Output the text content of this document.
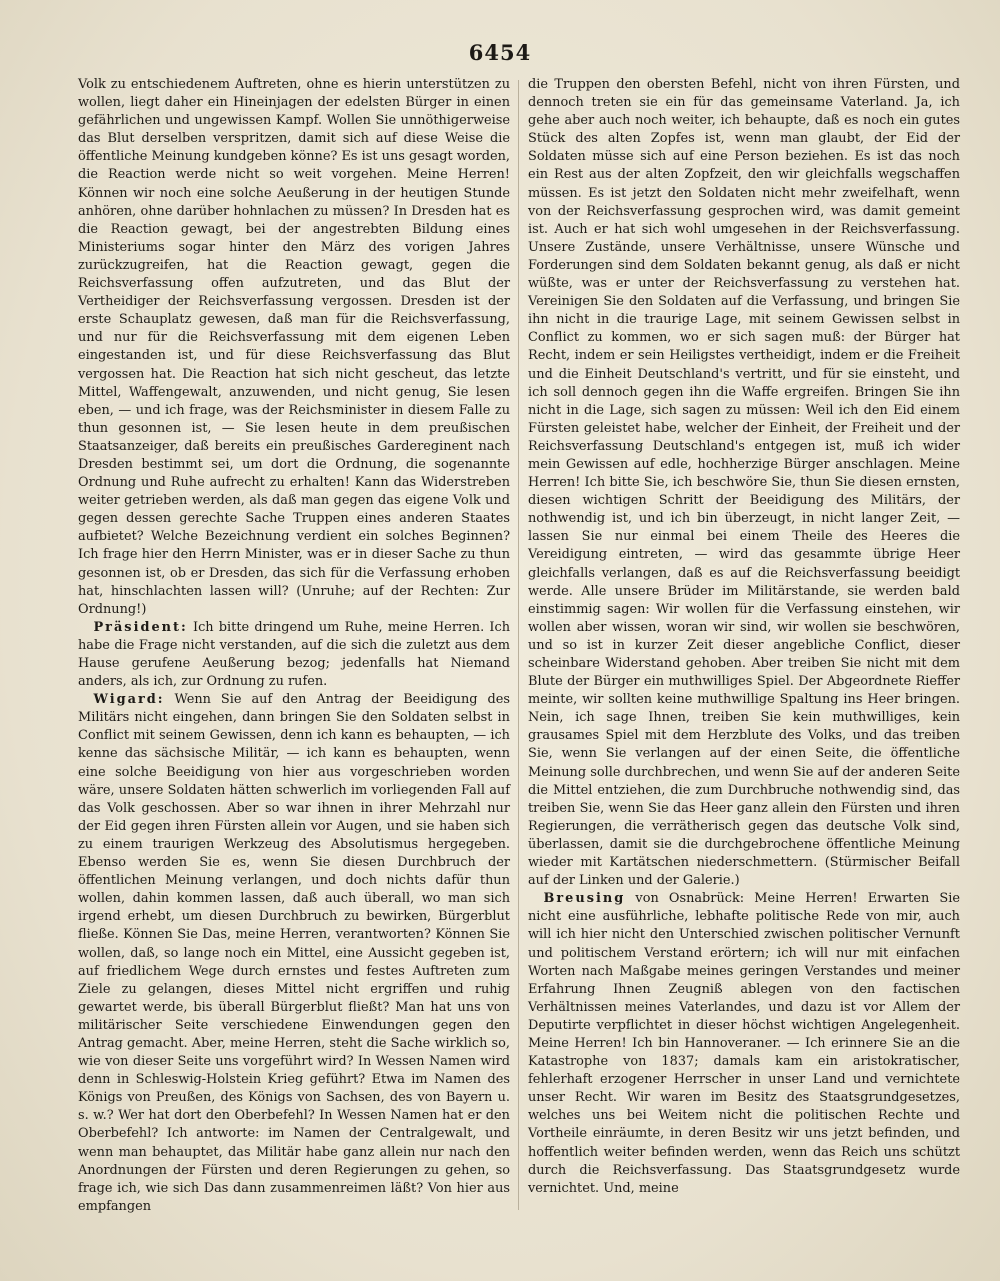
6454

Volk zu entschiedenem Auftreten, ohne es hierin unterstützen zu wollen, liegt daher ein Hineinjagen der edelsten Bürger in einen gefährlichen und ungewissen Kampf. Wollen Sie unnöthigerweise das Blut derselben verspritzen, damit sich auf diese Weise die öffentliche Meinung kundgeben könne? Es ist uns gesagt worden, die Reaction werde nicht so weit vorgehen. Meine Herren! Können wir noch eine solche Aeußerung in der heutigen Stunde anhören, ohne darüber hohnlachen zu müssen? In Dresden hat es die Reaction gewagt, bei der angestrebten Bildung eines Ministeriums sogar hinter den März des vorigen Jahres zurückzugreifen, hat die Reaction gewagt, gegen die Reichsverfassung offen aufzutreten, und das Blut der Vertheidiger der Reichsverfassung vergossen. Dresden ist der erste Schauplatz gewesen, daß man für die Reichsverfassung, und nur für die Reichsverfassung mit dem eigenen Leben eingestanden ist, und für diese Reichsverfassung das Blut vergossen hat. Die Reaction hat sich nicht gescheut, das letzte Mittel, Waffengewalt, anzuwenden, und nicht genug, Sie lesen eben, — und ich frage, was der Reichsminister in diesem Falle zu thun gesonnen ist, — Sie lesen heute in dem preußischen Staatsanzeiger, daß bereits ein preußisches Gardereginent nach Dresden bestimmt sei, um dort die Ordnung, die sogenannte Ordnung und Ruhe aufrecht zu erhalten! Kann das Widerstreben weiter getrieben werden, als daß man gegen das eigene Volk und gegen dessen gerechte Sache Truppen eines anderen Staates aufbietet? Welche Bezeichnung verdient ein solches Beginnen? Ich frage hier den Herrn Minister, was er in dieser Sache zu thun gesonnen ist, ob er Dresden, das sich für die Verfassung erhoben hat, hinschlachten lassen will? (Unruhe; auf der Rechten: Zur Ordnung!)

Präsident: Ich bitte dringend um Ruhe, meine Herren. Ich habe die Frage nicht verstanden, auf die sich die zuletzt aus dem Hause gerufene Aeußerung bezog; jedenfalls hat Niemand anders, als ich, zur Ordnung zu rufen.

Wigard: Wenn Sie auf den Antrag der Beeidigung des Militärs nicht eingehen, dann bringen Sie den Soldaten selbst in Conflict mit seinem Gewissen, denn ich kann es behaupten, — ich kenne das sächsische Militär, — ich kann es behaupten, wenn eine solche Beeidigung von hier aus vorgeschrieben worden wäre, unsere Soldaten hätten schwerlich im vorliegenden Fall auf das Volk geschossen. Aber so war ihnen in ihrer Mehrzahl nur der Eid gegen ihren Fürsten allein vor Augen, und sie haben sich zu einem traurigen Werkzeug des Absolutismus hergegeben. Ebenso werden Sie es, wenn Sie diesen Durchbruch der öffentlichen Meinung verlangen, und doch nichts dafür thun wollen, dahin kommen lassen, daß auch überall, wo man sich irgend erhebt, um diesen Durchbruch zu bewirken, Bürgerblut fließe. Können Sie Das, meine Herren, verantworten? Können Sie wollen, daß, so lange noch ein Mittel, eine Aussicht gegeben ist, auf friedlichem Wege durch ernstes und festes Auftreten zum Ziele zu gelangen, dieses Mittel nicht ergriffen und ruhig gewartet werde, bis überall Bürgerblut fließt? Man hat uns von militärischer Seite verschiedene Einwendungen gegen den Antrag gemacht. Aber, meine Herren, steht die Sache wirklich so, wie von dieser Seite uns vorgeführt wird? In Wessen Namen wird denn in Schleswig-Holstein Krieg geführt? Etwa im Namen des Königs von Preußen, des Königs von Sachsen, des von Bayern u. s. w.? Wer hat dort den Oberbefehl? In Wessen Namen hat er den Oberbefehl? Ich antworte: im Namen der Centralgewalt, und wenn man behauptet, das Militär habe ganz allein nur nach den Anordnungen der Fürsten und deren Regierungen zu gehen, so frage ich, wie sich Das dann zusammenreimen läßt? Von hier aus empfangen

die Truppen den obersten Befehl, nicht von ihren Fürsten, und dennoch treten sie ein für das gemeinsame Vaterland. Ja, ich gehe aber auch noch weiter, ich behaupte, daß es noch ein gutes Stück des alten Zopfes ist, wenn man glaubt, der Eid der Soldaten müsse sich auf eine Person beziehen. Es ist das noch ein Rest aus der alten Zopfzeit, den wir gleichfalls wegschaffen müssen. Es ist jetzt den Soldaten nicht mehr zweifelhaft, wenn von der Reichsverfassung gesprochen wird, was damit gemeint ist. Auch er hat sich wohl umgesehen in der Reichsverfassung. Unsere Zustände, unsere Verhältnisse, unsere Wünsche und Forderungen sind dem Soldaten bekannt genug, als daß er nicht wüßte, was er unter der Reichsverfassung zu verstehen hat. Vereinigen Sie den Soldaten auf die Verfassung, und bringen Sie ihn nicht in die traurige Lage, mit seinem Gewissen selbst in Conflict zu kommen, wo er sich sagen muß: der Bürger hat Recht, indem er sein Heiligstes vertheidigt, indem er die Freiheit und die Einheit Deutschland's vertritt, und für sie einsteht, und ich soll dennoch gegen ihn die Waffe ergreifen. Bringen Sie ihn nicht in die Lage, sich sagen zu müssen: Weil ich den Eid einem Fürsten geleistet habe, welcher der Einheit, der Freiheit und der Reichsverfassung Deutschland's entgegen ist, muß ich wider mein Gewissen auf edle, hochherzige Bürger anschlagen. Meine Herren! Ich bitte Sie, ich beschwöre Sie, thun Sie diesen ernsten, diesen wichtigen Schritt der Beeidigung des Militärs, der nothwendig ist, und ich bin überzeugt, in nicht langer Zeit, — lassen Sie nur einmal bei einem Theile des Heeres die Vereidigung eintreten, — wird das gesammte übrige Heer gleichfalls verlangen, daß es auf die Reichsverfassung beeidigt werde. Alle unsere Brüder im Militärstande, sie werden bald einstimmig sagen: Wir wollen für die Verfassung einstehen, wir wollen aber wissen, woran wir sind, wir wollen sie beschwören, und so ist in kurzer Zeit dieser angebliche Conflict, dieser scheinbare Widerstand gehoben. Aber treiben Sie nicht mit dem Blute der Bürger ein muthwilliges Spiel. Der Abgeordnete Rieffer meinte, wir sollten keine muthwillige Spaltung ins Heer bringen. Nein, ich sage Ihnen, treiben Sie kein muthwilliges, kein grausames Spiel mit dem Herzblute des Volks, und das treiben Sie, wenn Sie verlangen auf der einen Seite, die öffentliche Meinung solle durchbrechen, und wenn Sie auf der anderen Seite die Mittel entziehen, die zum Durchbruche nothwendig sind, das treiben Sie, wenn Sie das Heer ganz allein den Fürsten und ihren Regierungen, die verrätherisch gegen das deutsche Volk sind, überlassen, damit sie die durchgebrochene öffentliche Meinung wieder mit Kartätschen niederschmettern. (Stürmischer Beifall auf der Linken und der Galerie.)

Breusing von Osnabrück: Meine Herren! Erwarten Sie nicht eine ausführliche, lebhafte politische Rede von mir, auch will ich hier nicht den Unterschied zwischen politischer Vernunft und politischem Verstand erörtern; ich will nur mit einfachen Worten nach Maßgabe meines geringen Verstandes und meiner Erfahrung Ihnen Zeugniß ablegen von den factischen Verhältnissen meines Vaterlandes, und dazu ist vor Allem der Deputirte verpflichtet in dieser höchst wichtigen Angelegenheit. Meine Herren! Ich bin Hannoveraner. — Ich erinnere Sie an die Katastrophe von 1837; damals kam ein aristokratischer, fehlerhaft erzogener Herrscher in unser Land und vernichtete unser Recht. Wir waren im Besitz des Staatsgrundgesetzes, welches uns bei Weitem nicht die politischen Rechte und Vortheile einräumte, in deren Besitz wir uns jetzt befinden, und hoffentlich weiter befinden werden, wenn das Reich uns schützt durch die Reichsverfassung. Das Staatsgrundgesetz wurde vernichtet. Und, meine
